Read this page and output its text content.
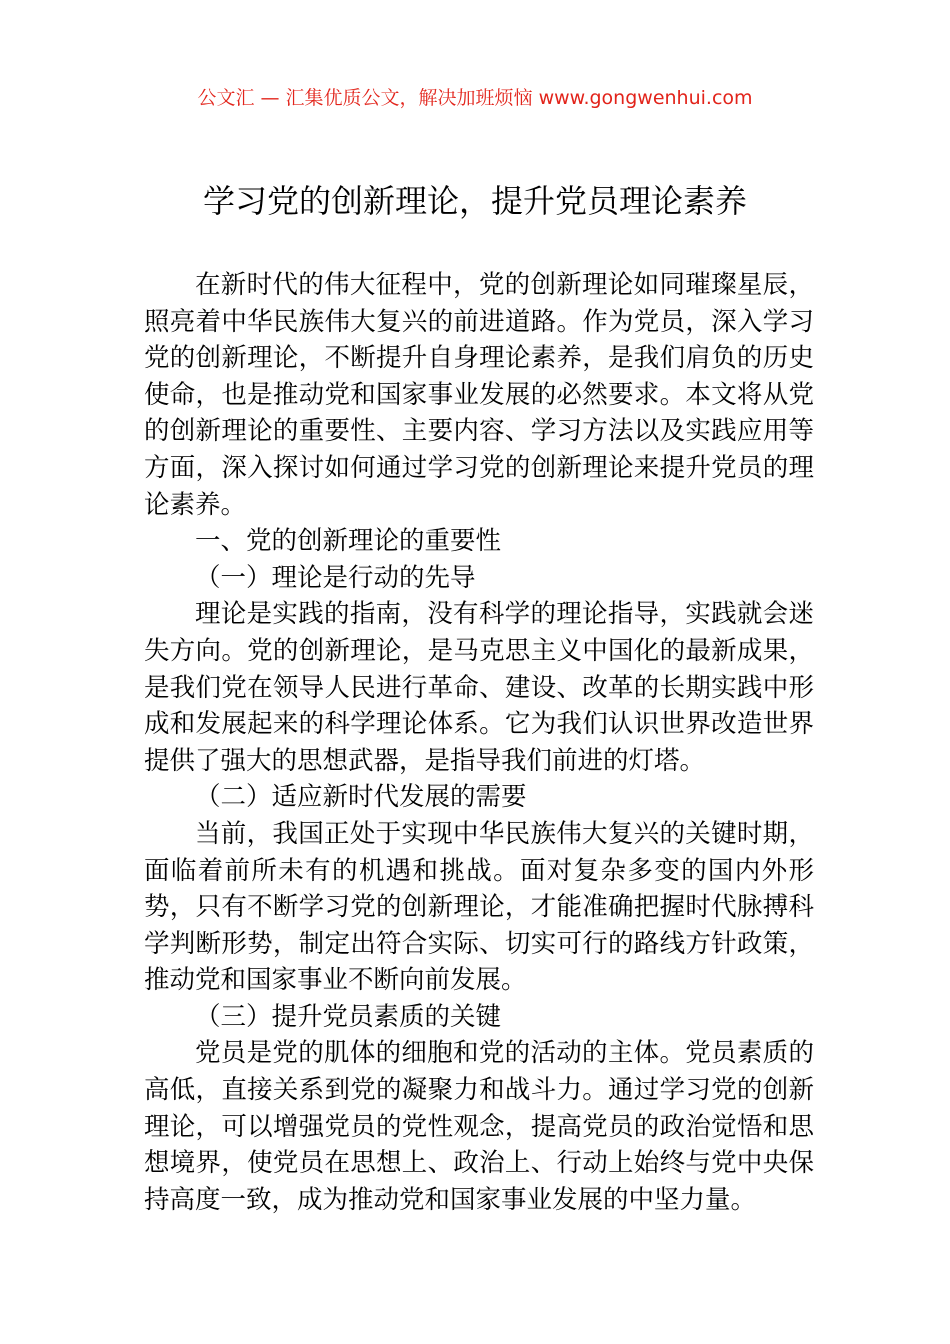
公文汇 — 汇集优质公文，解决加班烦恼 www.gongwenhui.com
学习党的创新理论，提升党员理论素养

在新时代的伟大征程中，党的创新理论如同璀璨星辰，照亮着中华民族伟大复兴的前进道路。作为党员，深入学习党的创新理论，不断提升自身理论素养，是我们肩负的历史使命，也是推动党和国家事业发展的必然要求。本文将从党的创新理论的重要性、主要内容、学习方法以及实践应用等方面，深入探讨如何通过学习党的创新理论来提升党员的理论素养。

一、党的创新理论的重要性

（一）理论是行动的先导

理论是实践的指南，没有科学的理论指导，实践就会迷失方向。党的创新理论，是马克思主义中国化的最新成果，是我们党在领导人民进行革命、建设、改革的长期实践中形成和发展起来的科学理论体系。它为我们认识世界改造世界提供了强大的思想武器，是指导我们前进的灯塔。

（二）适应新时代发展的需要

当前，我国正处于实现中华民族伟大复兴的关键时期，面临着前所未有的机遇和挑战。面对复杂多变的国内外形势，只有不断学习党的创新理论，才能准确把握时代脉搏科学判断形势，制定出符合实际、切实可行的路线方针政策，推动党和国家事业不断向前发展。

（三）提升党员素质的关键

党员是党的肌体的细胞和党的活动的主体。党员素质的高低，直接关系到党的凝聚力和战斗力。通过学习党的创新理论，可以增强党员的党性观念，提高党员的政治觉悟和思想境界，使党员在思想上、政治上、行动上始终与党中央保持高度一致，成为推动党和国家事业发展的中坚力量。
